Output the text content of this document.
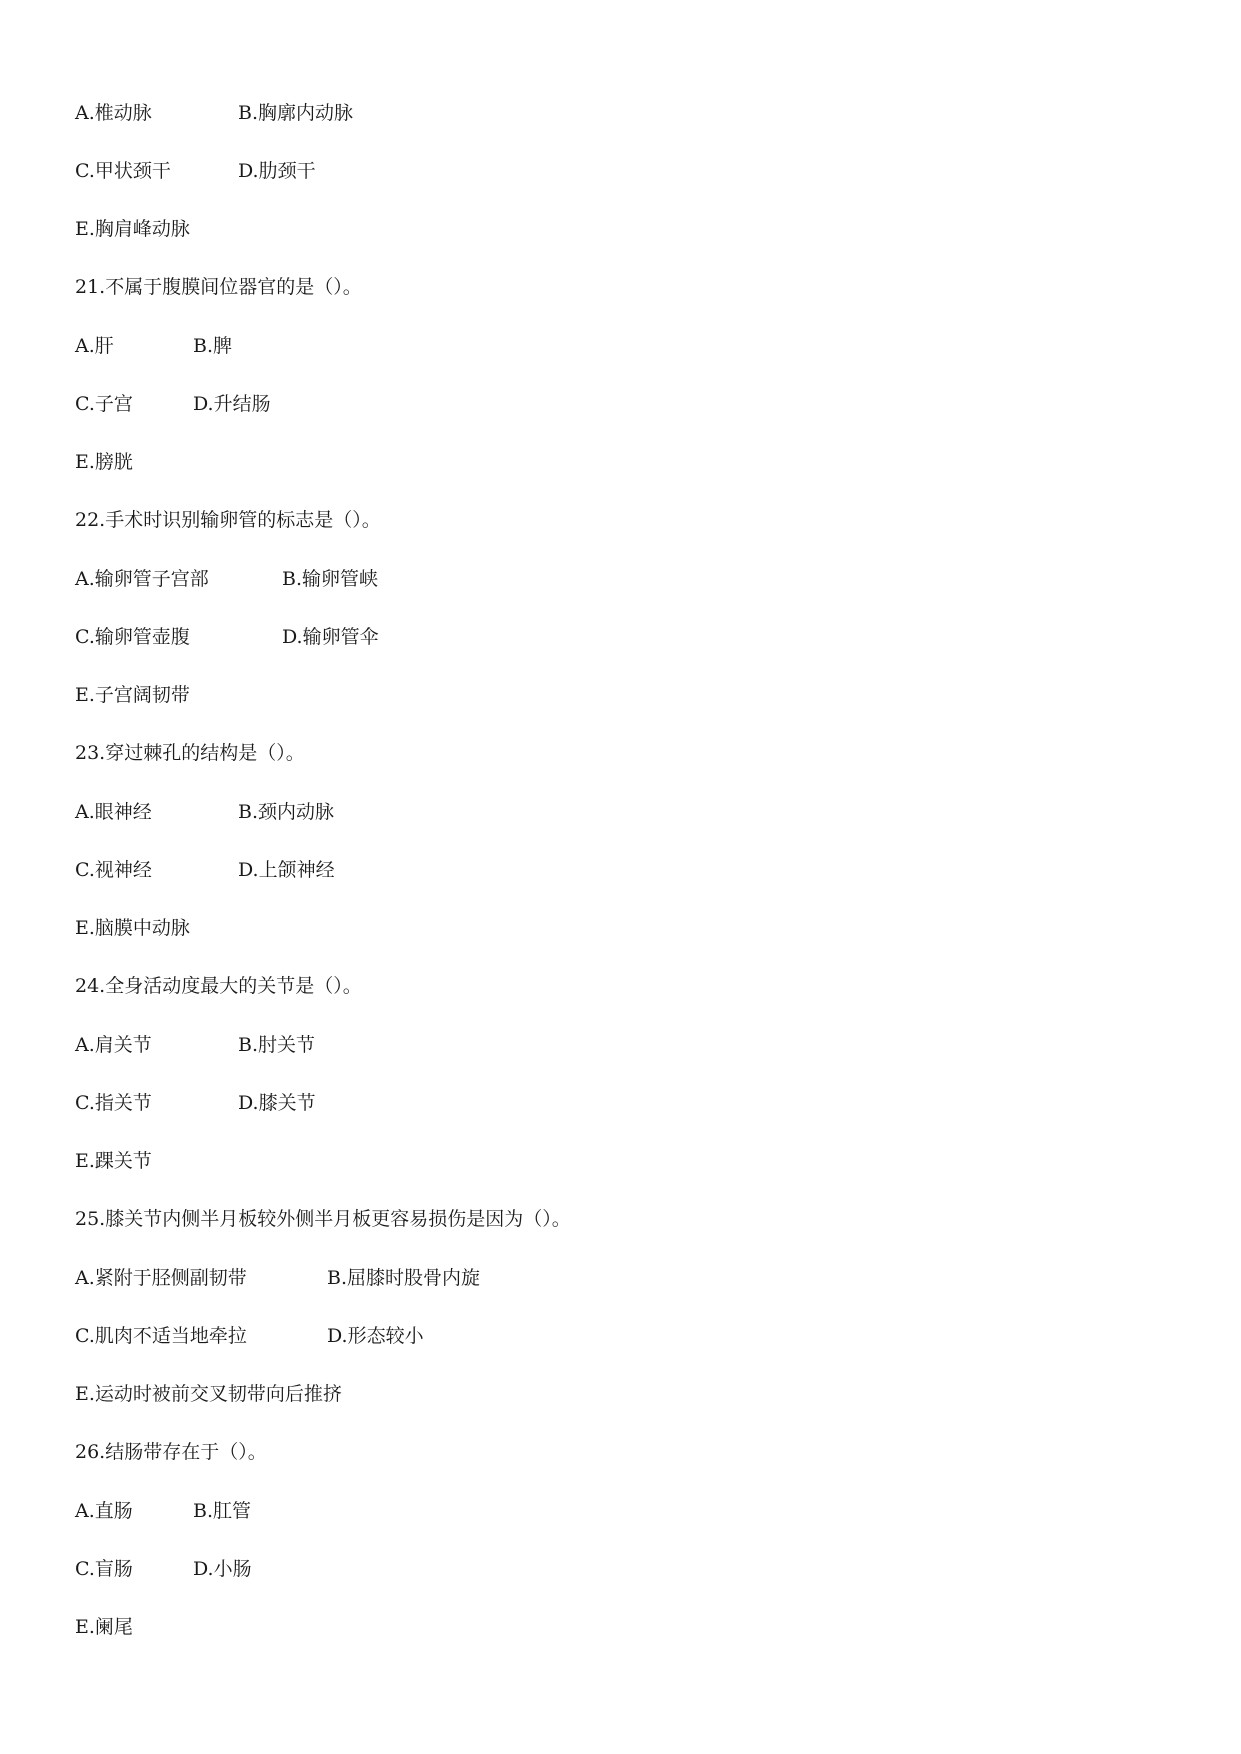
A.椎动脉	B.胸廓内动脉
C.甲状颈干	D.肋颈干
E.胸肩峰动脉
21.不属于腹膜间位器官的是（）。
A.肝	B.脾
C.子宫	D.升结肠
E.膀胱
22.手术时识别输卵管的标志是（）。
A.输卵管子宫部	B.输卵管峡
C.输卵管壶腹	D.输卵管伞
E.子宫阔韧带
23.穿过棘孔的结构是（）。
A.眼神经	B.颈内动脉
C.视神经	D.上颌神经
E.脑膜中动脉
24.全身活动度最大的关节是（）。
A.肩关节	B.肘关节
C.指关节	D.膝关节
E.踝关节
25.膝关节内侧半月板较外侧半月板更容易损伤是因为（）。
A.紧附于胫侧副韧带	B.屈膝时股骨内旋
C.肌肉不适当地牵拉	D.形态较小
E.运动时被前交叉韧带向后推挤
26.结肠带存在于（）。
A.直肠	B.肛管
C.盲肠	D.小肠
E.阑尾
